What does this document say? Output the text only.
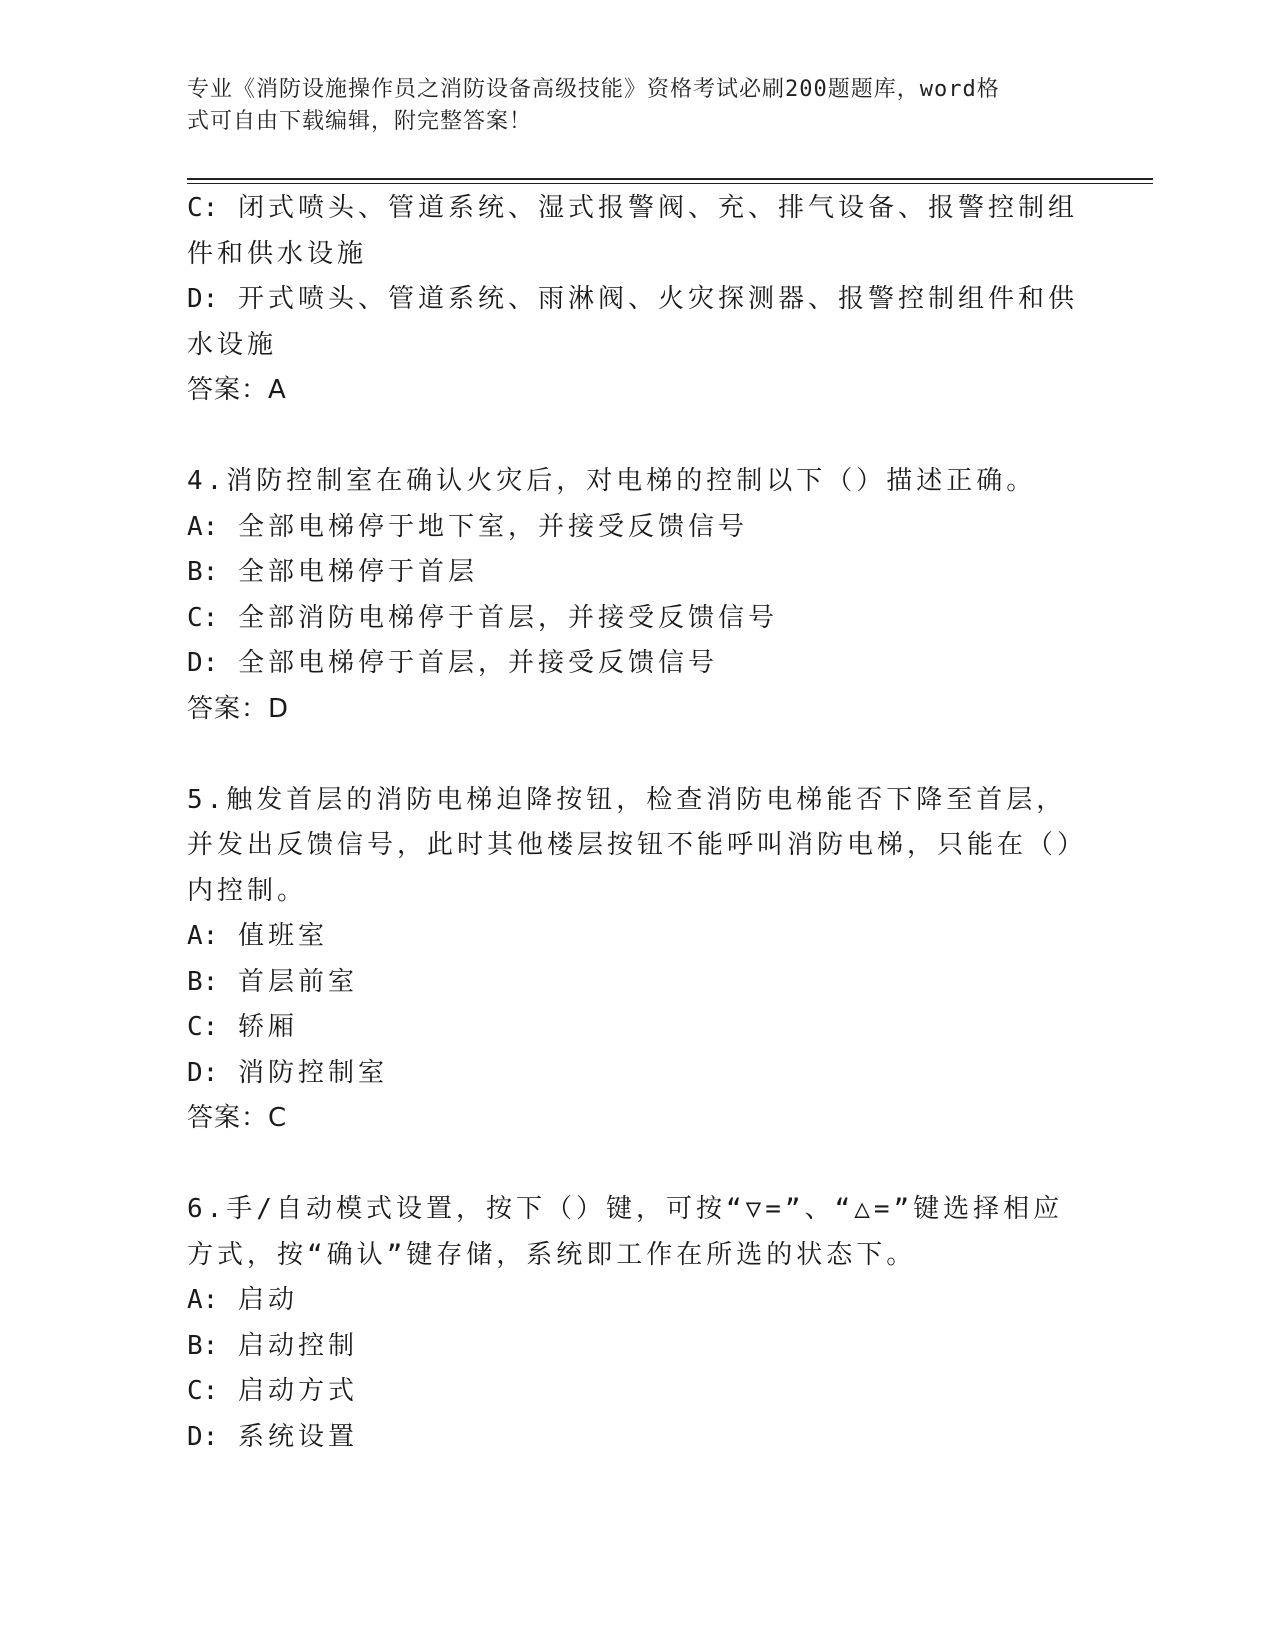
专业《消防设施操作员之消防设备高级技能》资格考试必刷200题题库，word格
式可自由下载编辑，附完整答案！
C: 闭式喷头、管道系统、湿式报警阀、充、排气设备、报警控制组件和供水设施
D: 开式喷头、管道系统、雨淋阀、火灾探测器、报警控制组件和供水设施
答案：A
4.消防控制室在确认火灾后，对电梯的控制以下（）描述正确。
A: 全部电梯停于地下室，并接受反馈信号
B: 全部电梯停于首层
C: 全部消防电梯停于首层，并接受反馈信号
D: 全部电梯停于首层，并接受反馈信号
答案：D
5.触发首层的消防电梯迫降按钮，检查消防电梯能否下降至首层，并发出反馈信号，此时其他楼层按钮不能呼叫消防电梯，只能在（）内控制。
A: 值班室
B: 首层前室
C: 轿厢
D: 消防控制室
答案：C
6.手/自动模式设置，按下（）键，可按“▽=”、“△=”键选择相应方式，按“确认”键存储，系统即工作在所选的状态下。
A: 启动
B: 启动控制
C: 启动方式
D: 系统设置
